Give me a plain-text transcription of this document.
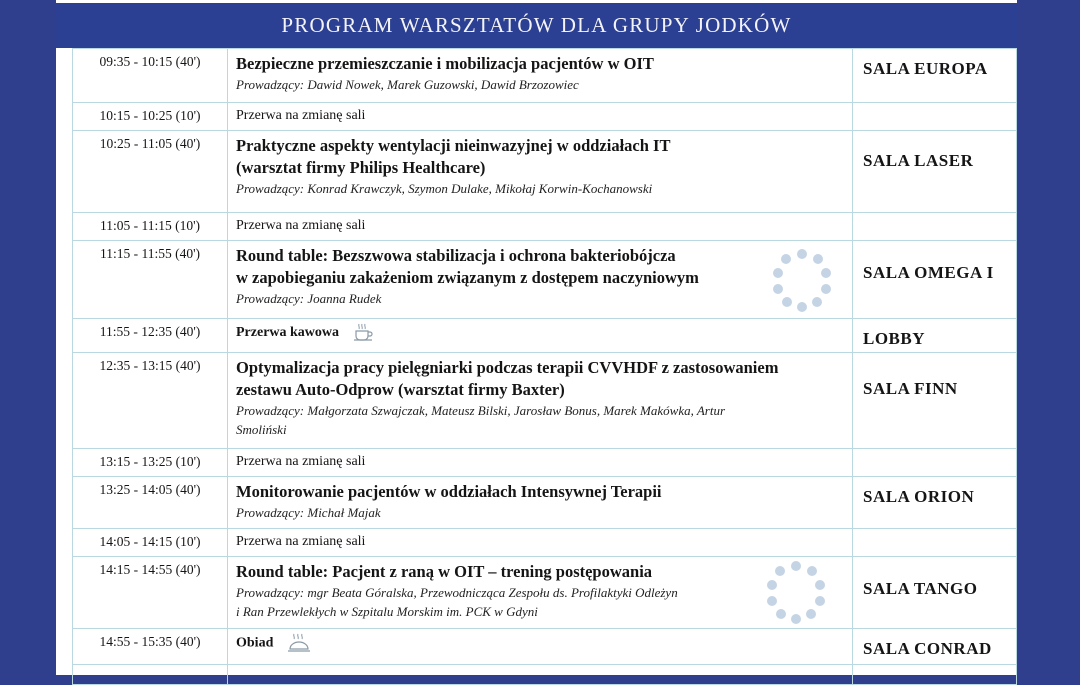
PROGRAM WARSZTATÓW DLA GRUPY JODKÓW
09:35 - 10:15 (40')	Bezpieczne przemieszczanie i mobilizacja pacjentów w OIT
Prowadzący: Dawid Nowek, Marek Guzowski, Dawid Brzozowiec	SALA EUROPA
10:15 - 10:25 (10')	Przerwa na zmianę sali	

10:25 - 11:05 (40')	Praktyczne aspekty wentylacji nieinwazyjnej w oddziałach IT
(warsztat firmy Philips Healthcare)
Prowadzący: Konrad Krawczyk, Szymon Dulake, Mikołaj Korwin-Kochanowski	SALA LASER
11:05 - 11:15 (10')	Przerwa na zmianę sali	

11:15 - 11:55 (40')	Round table: Bezszwowa stabilizacja i ochrona bakteriobójcza
w zapobieganiu zakażeniom związanym z dostępem naczyniowym
Prowadzący: Joanna Rudek	SALA OMEGA I
11:55 - 12:35 (40')	Przerwa kawowa	LOBBY
12:35 - 13:15 (40')	Optymalizacja pracy pielęgniarki podczas terapii CVVHDF z zastosowaniem
zestawu Auto-Odprow (warsztat firmy Baxter)
Prowadzący: Małgorzata Szwajczak, Mateusz Bilski, Jarosław Bonus, Marek Makówka, Artur
Smoliński	SALA FINN
13:15 - 13:25 (10')	Przerwa na zmianę sali	

13:25 - 14:05 (40')	Monitorowanie pacjentów w oddziałach Intensywnej Terapii
Prowadzący: Michał Majak	SALA ORION
14:05 - 14:15 (10')	Przerwa na zmianę sali	

14:15 - 14:55 (40')	Round table: Pacjent z raną w OIT – trening postępowania
Prowadzący: mgr Beata Góralska, Przewodnicząca Zespołu ds. Profilaktyki Odleżyn
i Ran Przewlekłych w Szpitalu Morskim im. PCK w Gdyni	SALA TANGO
14:55 - 15:35 (40')	Obiad	SALA CONRAD
